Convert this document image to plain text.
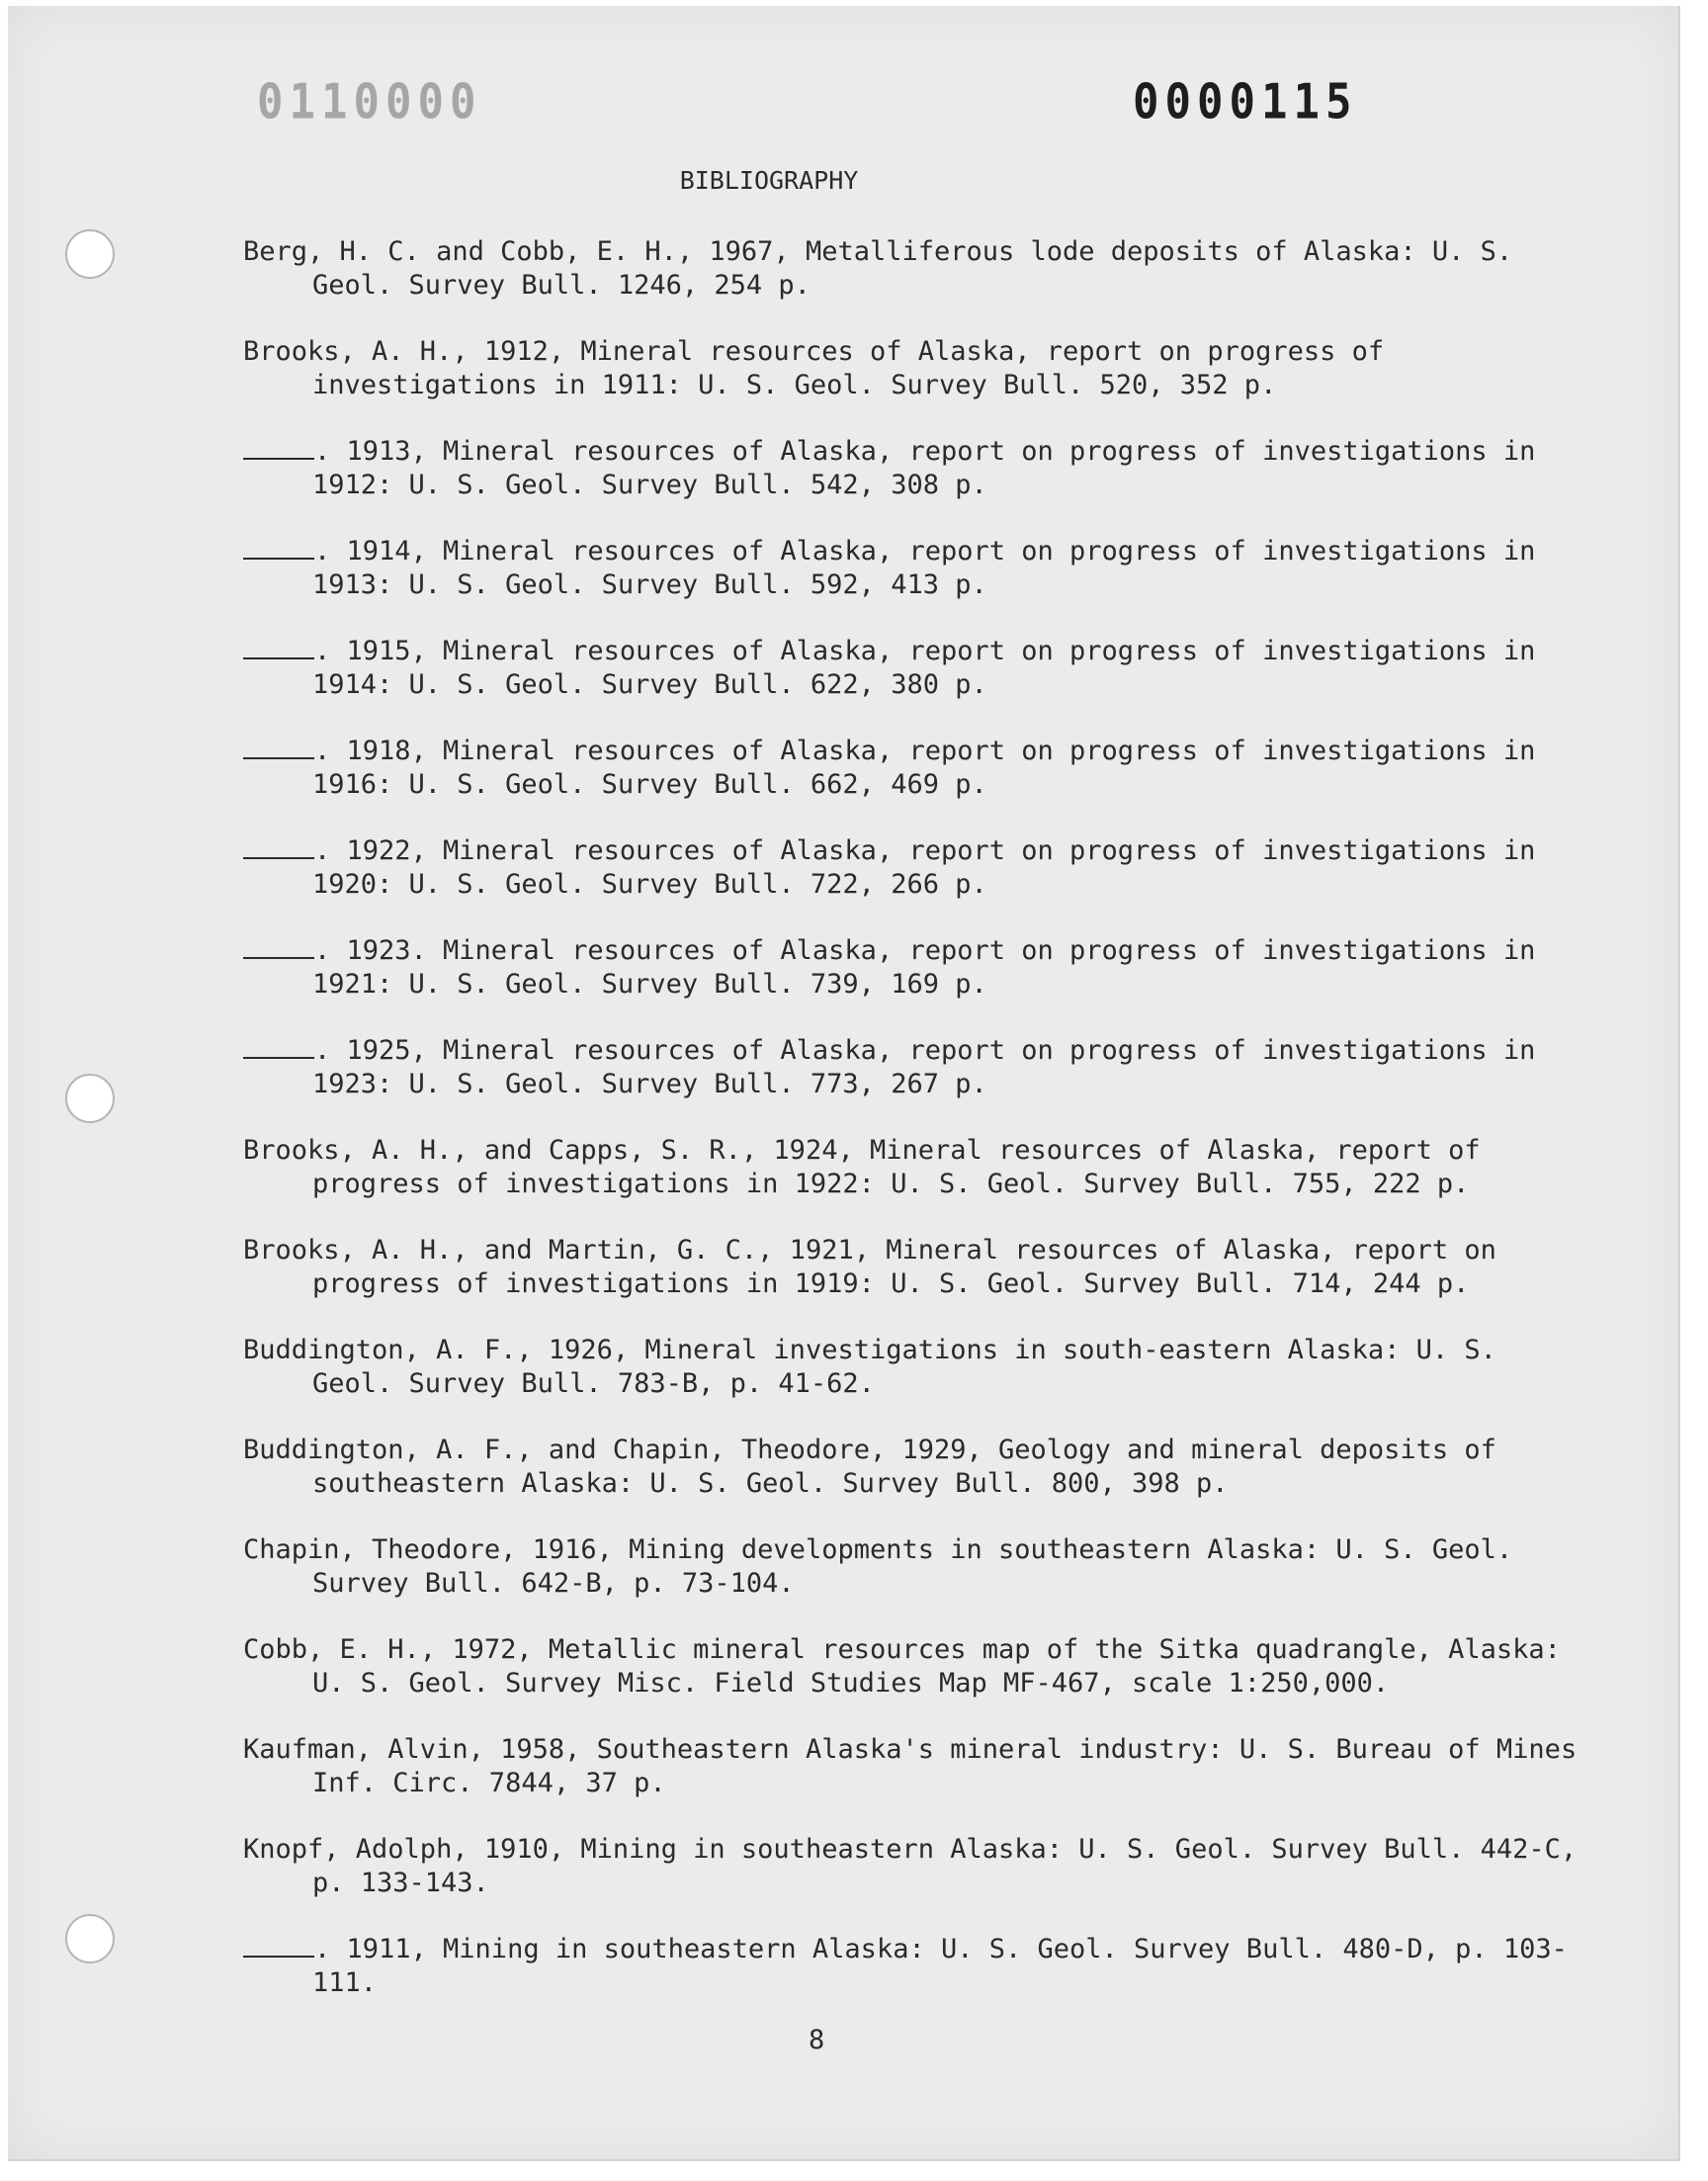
0110000	0000115
BIBLIOGRAPHY
Berg, H. C. and Cobb, E. H., 1967, Metalliferous lode deposits of Alaska: U. S. Geol. Survey Bull. 1246, 254 p.
Brooks, A. H., 1912, Mineral resources of Alaska, report on progress of investigations in 1911: U. S. Geol. Survey Bull. 520, 352 p.
. 1913, Mineral resources of Alaska, report on progress of investigations in 1912: U. S. Geol. Survey Bull. 542, 308 p.
. 1914, Mineral resources of Alaska, report on progress of investigations in 1913: U. S. Geol. Survey Bull. 592, 413 p.
. 1915, Mineral resources of Alaska, report on progress of investigations in 1914: U. S. Geol. Survey Bull. 622, 380 p.
. 1918, Mineral resources of Alaska, report on progress of investigations in 1916: U. S. Geol. Survey Bull. 662, 469 p.
. 1922, Mineral resources of Alaska, report on progress of investigations in 1920: U. S. Geol. Survey Bull. 722, 266 p.
. 1923. Mineral resources of Alaska, report on progress of investigations in 1921: U. S. Geol. Survey Bull. 739, 169 p.
. 1925, Mineral resources of Alaska, report on progress of investigations in 1923: U. S. Geol. Survey Bull. 773, 267 p.
Brooks, A. H., and Capps, S. R., 1924, Mineral resources of Alaska, report of progress of investigations in 1922: U. S. Geol. Survey Bull. 755, 222 p.
Brooks, A. H., and Martin, G. C., 1921, Mineral resources of Alaska, report on progress of investigations in 1919: U. S. Geol. Survey Bull. 714, 244 p.
Buddington, A. F., 1926, Mineral investigations in south-eastern Alaska: U. S. Geol. Survey Bull. 783-B, p. 41-62.
Buddington, A. F., and Chapin, Theodore, 1929, Geology and mineral deposits of southeastern Alaska: U. S. Geol. Survey Bull. 800, 398 p.
Chapin, Theodore, 1916, Mining developments in southeastern Alaska: U. S. Geol. Survey Bull. 642-B, p. 73-104.
Cobb, E. H., 1972, Metallic mineral resources map of the Sitka quadrangle, Alaska: U. S. Geol. Survey Misc. Field Studies Map MF-467, scale 1:250,000.
Kaufman, Alvin, 1958, Southeastern Alaska's mineral industry: U. S. Bureau of Mines Inf. Circ. 7844, 37 p.
Knopf, Adolph, 1910, Mining in southeastern Alaska: U. S. Geol. Survey Bull. 442-C, p. 133-143.
. 1911, Mining in southeastern Alaska: U. S. Geol. Survey Bull. 480-D, p. 103-111.
8
